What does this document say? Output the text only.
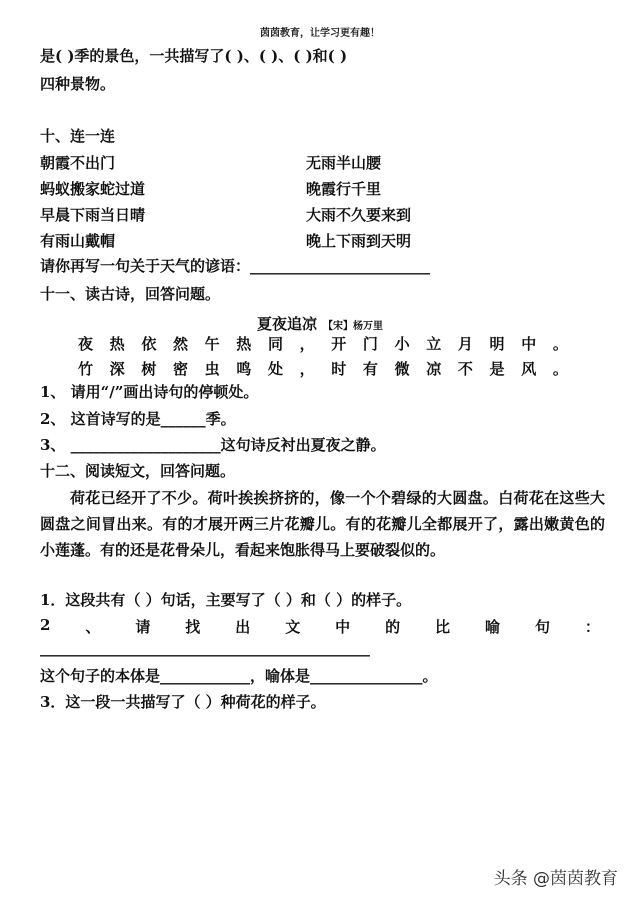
茵茵教育，让学习更有趣！
是( )季的景色，一共描写了( )、( )、( )和( )
四种景物。
十、连一连
朝霞不出门
蚂蚁搬家蛇过道
早晨下雨当日晴
有雨山戴帽
无雨半山腰
晚霞行千里
大雨不久要来到
晚上下雨到天明
请你再写一句关于天气的谚语：________________________
十一、读古诗，回答问题。
夏夜追凉 【宋】杨万里
夜 热 依 然 午 热 同 ， 开 门 小 立 月 明 中 。
竹 深 树 密 虫 鸣 处 ， 时 有 微 凉 不 是 风 。
1、 请用“/”画出诗句的停顿处。
2、 这首诗写的是______季。
3、 ____________________这句诗反衬出夏夜之静。
十二、阅读短文，回答问题。
荷花已经开了不少。荷叶挨挨挤挤的，像一个个碧绿的大圆盘。白荷花在这些大圆盘之间冒出来。有的才展开两三片花瓣儿。有的花瓣儿全都展开了，露出嫩黄色的小莲蓬。有的还是花骨朵儿，看起来饱胀得马上要破裂似的。
1．这段共有（ ）句话，主要写了（ ）和（ ）的样子。
2 、 请 找 出 文 中 的 比 喻 句 ：
____________________________________________
这个句子的本体是____________，喻体是_______________。
3．这一段一共描写了（ ）种荷花的样子。
头条 @茵茵教育
